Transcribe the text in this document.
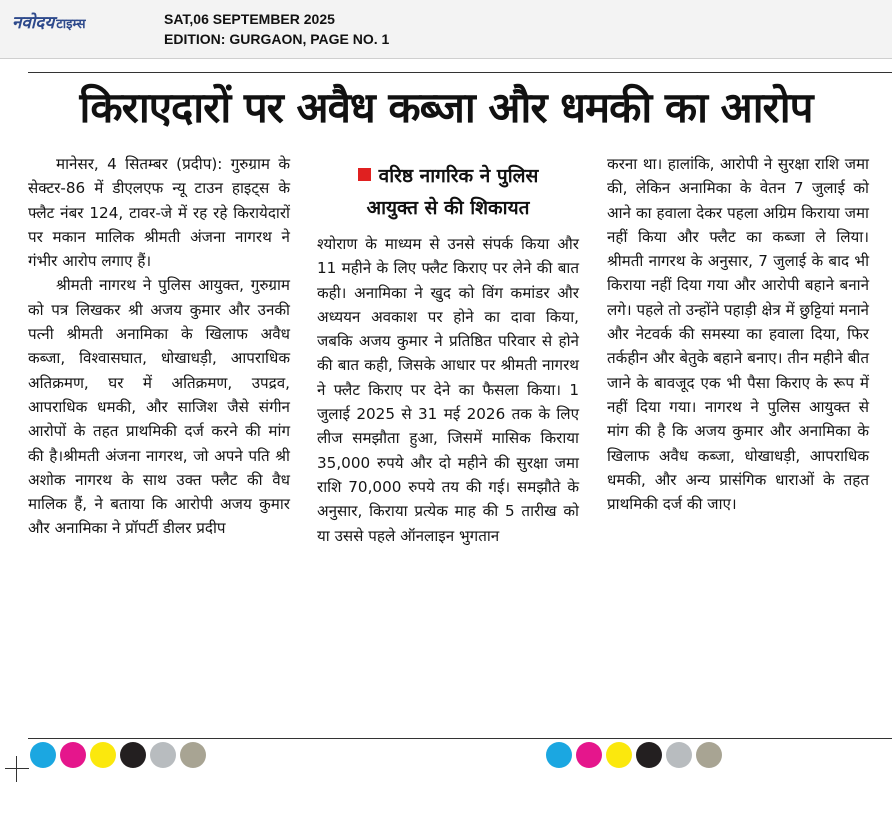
नवोदय टाइम्स	SAT,06 SEPTEMBER 2025
EDITION: GURGAON, PAGE NO. 1
किराएदारों पर अवैध कब्जा और धमकी का आरोप

मानेसर, 4 सितम्बर (प्रदीप): गुरुग्राम के सेक्टर-86 में डीएलएफ न्यू टाउन हाइट्स के फ्लैट नंबर 124, टावर-जे में रह रहे किरायेदारों पर मकान मालिक श्रीमती अंजना नागरथ ने गंभीर आरोप लगाए हैं।

श्रीमती नागरथ ने पुलिस आयुक्त, गुरुग्राम को पत्र लिखकर श्री अजय कुमार और उनकी पत्नी श्रीमती अनामिका के खिलाफ अवैध कब्जा, विश्वासघात, धोखाधड़ी, आपराधिक अतिक्रमण, घर में अतिक्रमण, उपद्रव, आपराधिक धमकी, और साजिश जैसे संगीन आरोपों के तहत प्राथमिकी दर्ज करने की मांग की है।श्रीमती अंजना नागरथ, जो अपने पति श्री अशोक नागरथ के साथ उक्त फ्लैट की वैध मालिक हैं, ने बताया कि आरोपी अजय कुमार और अनामिका ने प्रॉपर्टी डीलर प्रदीप

वरिष्ठ नागरिक ने पुलिस
आयुक्त से की शिकायत

श्योराण के माध्यम से उनसे संपर्क किया और 11 महीने के लिए फ्लैट किराए पर लेने की बात कही। अनामिका ने खुद को विंग कमांडर और अध्ययन अवकाश पर होने का दावा किया, जबकि अजय कुमार ने प्रतिष्ठित परिवार से होने की बात कही, जिसके आधार पर श्रीमती नागरथ ने फ्लैट किराए पर देने का फैसला किया। 1 जुलाई 2025 से 31 मई 2026 तक के लिए लीज समझौता हुआ, जिसमें मासिक किराया 35,000 रुपये और दो महीने की सुरक्षा जमा राशि 70,000 रुपये तय की गई। समझौते के अनुसार, किराया प्रत्येक माह की 5 तारीख को या उससे पहले ऑनलाइन भुगतान

करना था। हालांकि, आरोपी ने सुरक्षा राशि जमा की, लेकिन अनामिका के वेतन 7 जुलाई को आने का हवाला देकर पहला अग्रिम किराया जमा नहीं किया और फ्लैट का कब्जा ले लिया। श्रीमती नागरथ के अनुसार, 7 जुलाई के बाद भी किराया नहीं दिया गया और आरोपी बहाने बनाने लगे। पहले तो उन्होंने पहाड़ी क्षेत्र में छुट्टियां मनाने और नेटवर्क की समस्या का हवाला दिया, फिर तर्कहीन और बेतुके बहाने बनाए। तीन महीने बीत जाने के बावजूद एक भी पैसा किराए के रूप में नहीं दिया गया। नागरथ ने पुलिस आयुक्त से मांग की है कि अजय कुमार और अनामिका के खिलाफ अवैध कब्जा, धोखाधड़ी, आपराधिक धमकी, और अन्य प्रासंगिक धाराओं के तहत प्राथमिकी दर्ज की जाए।
